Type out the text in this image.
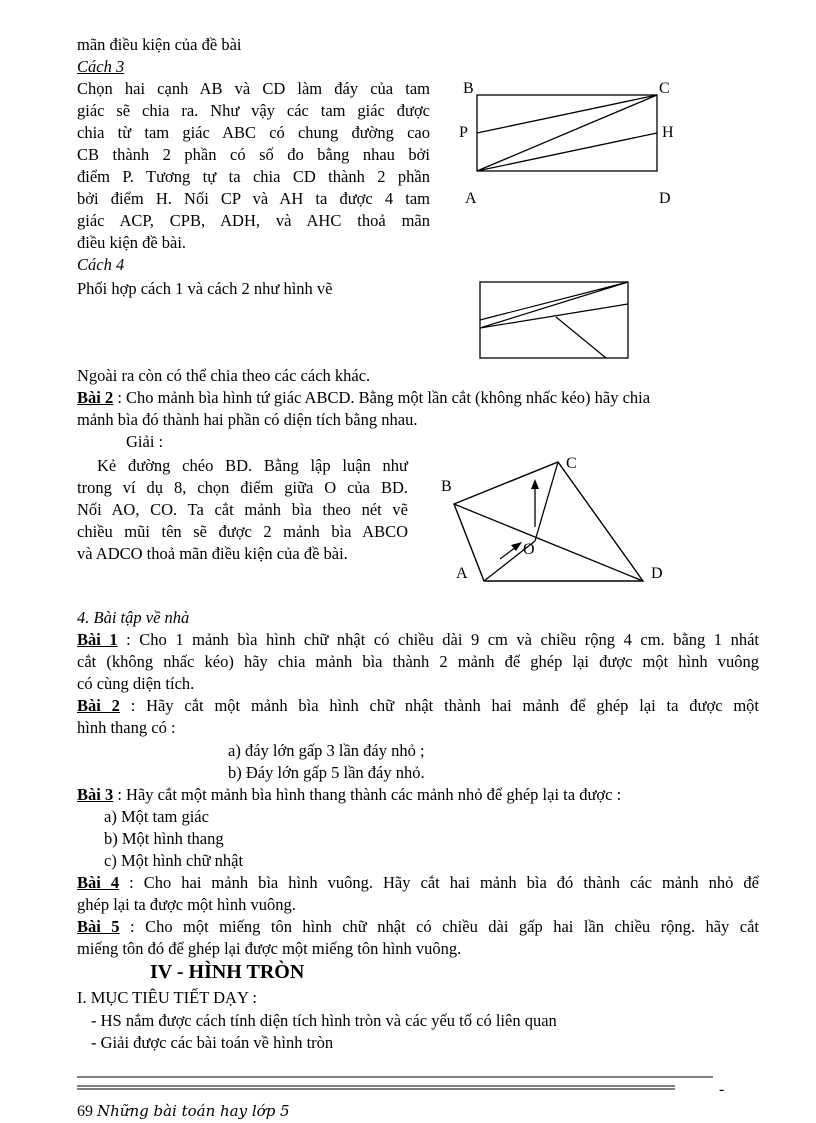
mãn điều kiện của đề bài
Cách 3
Chọn hai cạnh AB và CD làm đáy của tam
giác sẽ chia ra. Như vậy các tam giác được
chia từ tam giác ABC có chung đường cao
CB thành 2 phần có số đo bằng nhau bởi
điểm P. Tương tự ta chia CD thành 2 phần
bởi điểm H. Nối CP và AH ta được 4 tam
giác ACP, CPB, ADH, và AHC thoả mãn
điều kiện đề bài.
Cách 4
Phối hợp cách 1 và cách 2 như hình vẽ
Ngoài ra còn có thể chia theo các cách khác.
Bài 2 : Cho mảnh bìa hình tứ giác ABCD. Bằng một lần cắt (không nhấc kéo) hãy chia
mảnh bìa đó thành hai phần có diện tích bằng nhau.
Giải :
Kẻ đường chéo BD. Bằng lập luận như
trong ví dụ 8, chọn điểm giữa O của BD.
Nối AO, CO. Ta cắt mảnh bìa theo nét vẽ
chiều mũi tên sẽ được 2 mảnh bìa ABCO
và ADCO thoả mãn điều kiện của đề bài.
4. Bài tập về nhà
Bài 1 : Cho 1 mảnh bìa hình chữ nhật có chiều dài 9 cm và chiều rộng 4 cm. bằng 1 nhát
cắt (không nhấc kéo) hãy chia mảnh bìa thành 2 mảnh để ghép lại được một hình vuông
có cùng diện tích.
Bài 2 : Hãy cắt một mảnh bìa hình chữ nhật thành hai mảnh để ghép lại ta được một
hình thang có :
a) đáy lớn gấp 3 lần đáy nhỏ ;
b) Đáy lớn gấp 5 lần đáy nhỏ.
Bài 3 : Hãy cắt một mảnh bìa hình thang thành các mảnh nhỏ để ghép lại ta được :
a) Một tam giác
b) Một hình thang
c) Một hình chữ nhật
Bài 4 : Cho hai mảnh bìa hình vuông. Hãy cắt hai mảnh bìa đó thành các mảnh nhỏ để
ghép lại ta được một hình vuông.
Bài 5 : Cho một miếng tôn hình chữ nhật có chiều dài gấp hai lần chiều rộng. hãy cắt
miếng tôn đó để ghép lại được một miếng tôn hình vuông.
IV - HÌNH TRÒN
I. MỤC TIÊU TIẾT DẠY :
- HS nắm được cách tính diện tích hình tròn và các yếu tố có liên quan
- Giải được các bài toán về hình tròn
B	C
P	H
A	D
C
B
O
A	D
-
69 Những bài toán hay lớp 5
